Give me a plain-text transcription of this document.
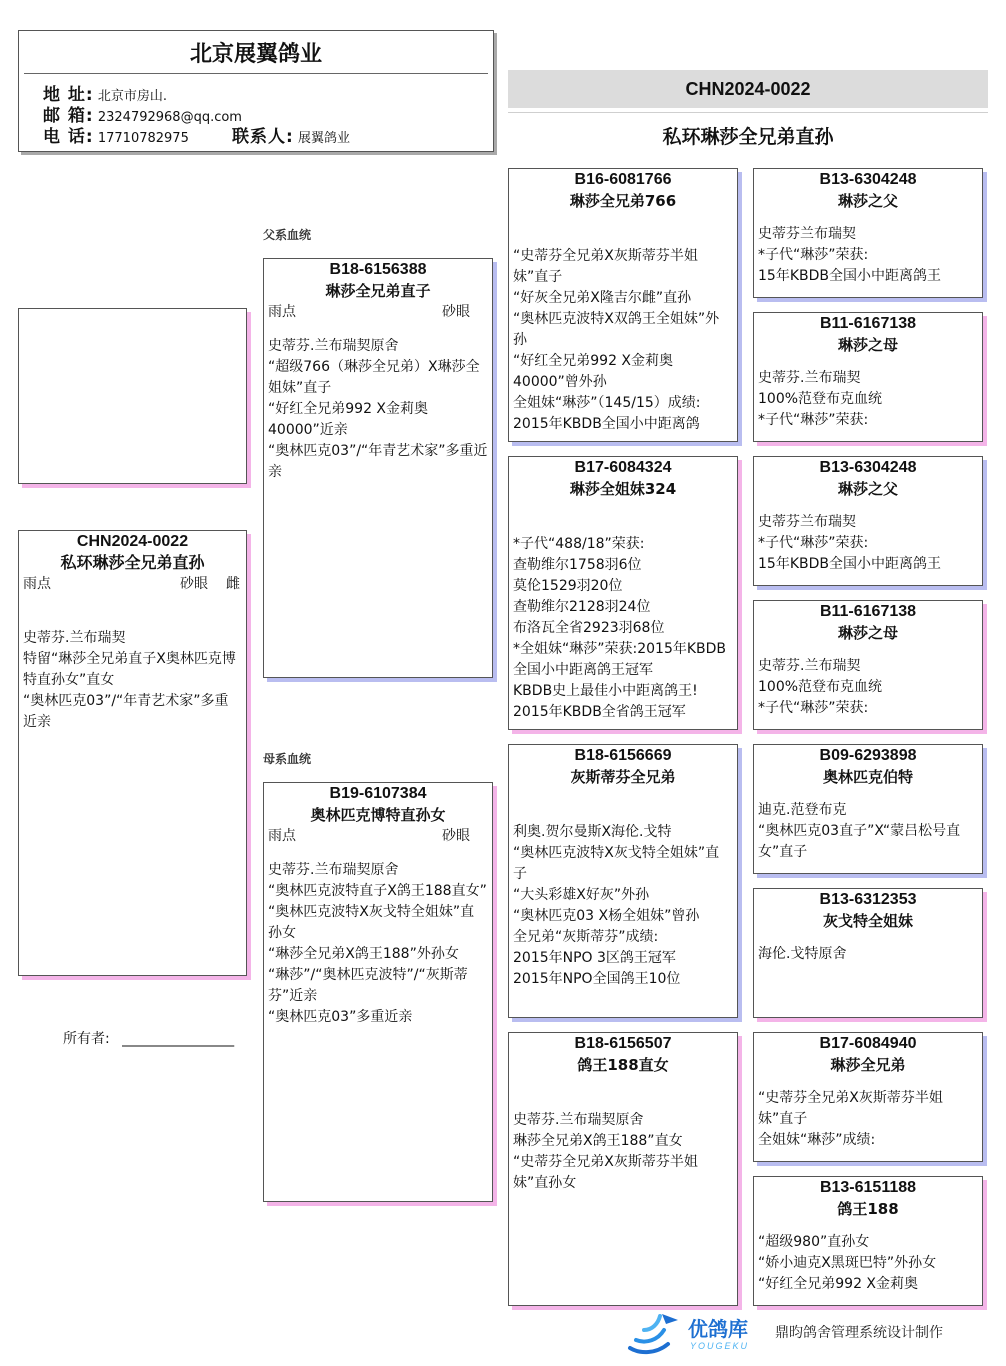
北京展翼鸽业
地 址: 北京市房山.
邮 箱: 2324792968@qq.com
电 话: 17710782975	联系人: 展翼鸽业
CHN2024-0022
私环琳莎全兄弟直孙
CHN2024-0022
私环琳莎全兄弟直孙
雨点	砂眼 雌
史蒂芬.兰布瑞契
特留“琳莎全兄弟直子X奥林匹克博特直孙女”直女
“奥林匹克03”/“年青艺术家”多重近亲
父系血统
母系血统
B18-6156388
琳莎全兄弟直子
雨点	砂眼
史蒂芬.兰布瑞契原舍
“超级766（琳莎全兄弟）X琳莎全姐妹”直子
“好红全兄弟992 X金莉奥40000”近亲
“奥林匹克03”/“年青艺术家”多重近亲
B19-6107384
奥林匹克博特直孙女
雨点	砂眼
史蒂芬.兰布瑞契原舍
“奥林匹克波特直子X鸽王188直女”
“奥林匹克波特X灰戈特全姐妹”直孙女
“琳莎全兄弟X鸽王188”外孙女
“琳莎”/“奥林匹克波特”/“灰斯蒂芬”近亲
“奥林匹克03”多重近亲
B16-6081766
琳莎全兄弟766
“史蒂芬全兄弟X灰斯蒂芬半姐妹”直子
“好灰全兄弟X隆吉尔雌”直孙
“奥林匹克波特X双鸽王全姐妹”外孙
“好红全兄弟992 X金莉奥40000”曾外孙
全姐妹“琳莎”（145/15）成绩:
2015年KBDB全国小中距离鸽
B17-6084324
琳莎全姐妹324
*子代“488/18”荣获:
查勒维尔1758羽6位
莫伦1529羽20位
查勒维尔2128羽24位
布洛瓦全省2923羽68位
*全姐妹“琳莎”荣获:2015年KBDB全国小中距离鸽王冠军
KBDB史上最佳小中距离鸽王!
2015年KBDB全省鸽王冠军
B18-6156669
灰斯蒂芬全兄弟
利奥.贺尔曼斯X海伦.戈特
“奥林匹克波特X灰戈特全姐妹”直子
“大头彩雄X好灰”外孙
“奥林匹克03 X杨全姐妹”曾孙
全兄弟“灰斯蒂芬”成绩:
2015年NPO 3区鸽王冠军
2015年NPO全国鸽王10位
B18-6156507
鸽王188直女
史蒂芬.兰布瑞契原舍
琳莎全兄弟X鸽王188”直女
“史蒂芬全兄弟X灰斯蒂芬半姐妹”直孙女
B13-6304248
琳莎之父
史蒂芬兰布瑞契
*子代“琳莎”荣获:
15年KBDB全国小中距离鸽王
B11-6167138
琳莎之母
史蒂芬.兰布瑞契
100%范登布克血统
*子代“琳莎”荣获:
B13-6304248
琳莎之父
史蒂芬兰布瑞契
*子代“琳莎”荣获:
15年KBDB全国小中距离鸽王
B11-6167138
琳莎之母
史蒂芬.兰布瑞契
100%范登布克血统
*子代“琳莎”荣获:
B09-6293898
奥林匹克伯特
迪克.范登布克
“奥林匹克03直子”X“蒙吕松号直女”直子
B13-6312353
灰戈特全姐妹
海伦.戈特原舍
B17-6084940
琳莎全兄弟
“史蒂芬全兄弟X灰斯蒂芬半姐妹”直子
全姐妹“琳莎”成绩:
B13-6151188
鸽王188
“超级980”直孙女
“娇小迪克X黑斑巴特”外孙女
“好红全兄弟992 X金莉奥
所有者: ________________
优鸽库
YOUGEKU
鼎昀鸽舍管理系统设计制作
